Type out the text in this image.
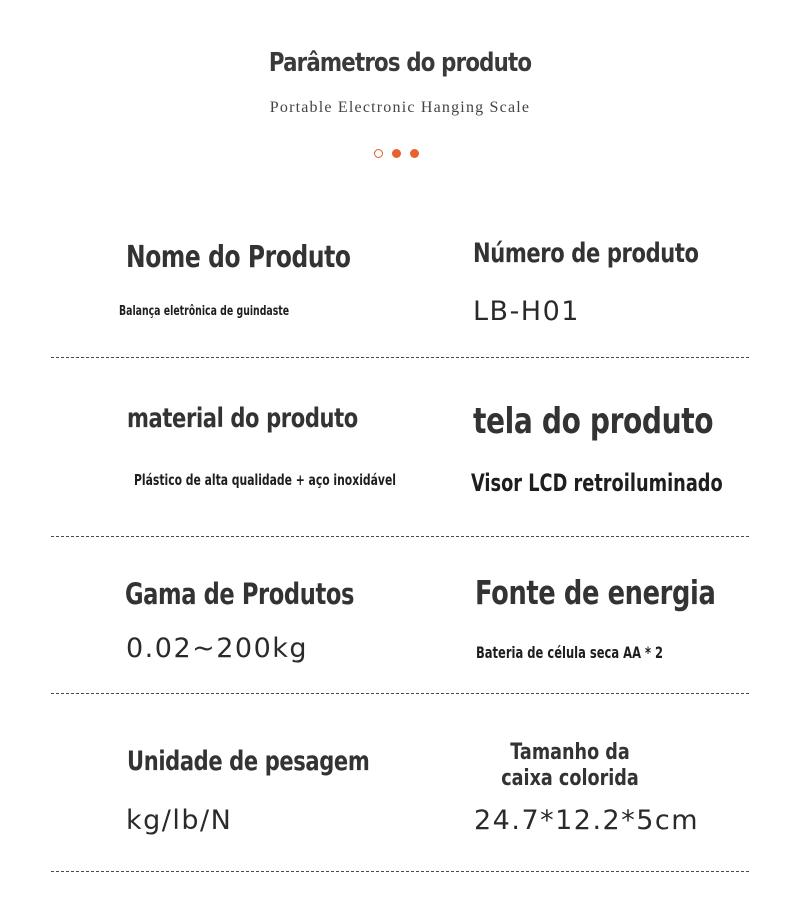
Parâmetros do produto
Portable Electronic Hanging Scale
Nome do Produto
Balança eletrônica de guindaste
Número de produto
LB-H01
material do produto
Plástico de alta qualidade + aço inoxidável
tela do produto
Visor LCD retroiluminado
Gama de Produtos
0.02~200kg
Fonte de energia
Bateria de célula seca AA * 2
Unidade de pesagem
kg/lb/N
Tamanho da caixa colorida
24.7*12.2*5cm
